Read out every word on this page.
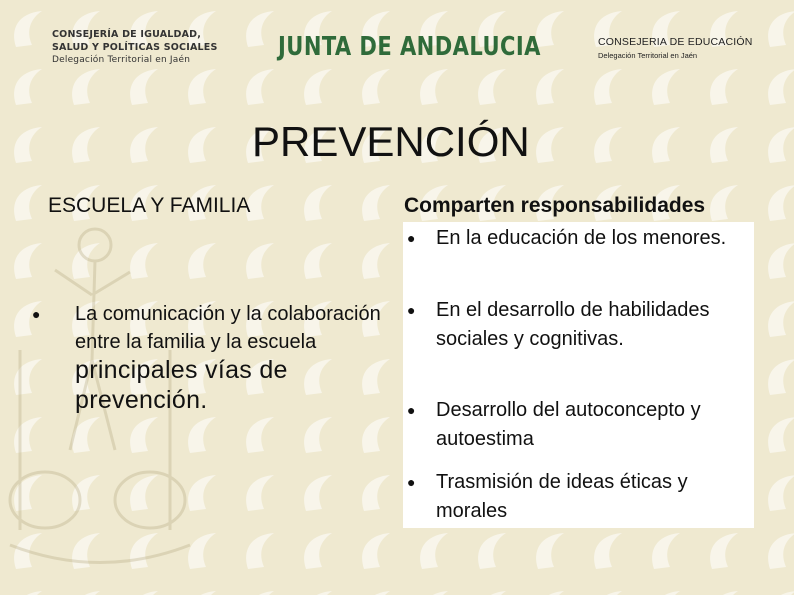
CONSEJERÍA DE IGUALDAD,
SALUD Y POLÍTICAS SOCIALES
Delegación Territorial en Jaén	JUNTA DE ANDALUCIA	CONSEJERIA DE EDUCACIÓN
Delegación Territorial en Jaén
PREVENCIÓN
ESCUELA Y FAMILIA	Comparten responsabilidades
●	La comunicación y la colaboración entre la familia y la escuela principales vías de prevención.
●	En la educación de los menores.
●	En el desarrollo de habilidades sociales y cognitivas.
●	Desarrollo del autoconcepto y autoestima
●	Trasmisión de ideas éticas y morales
